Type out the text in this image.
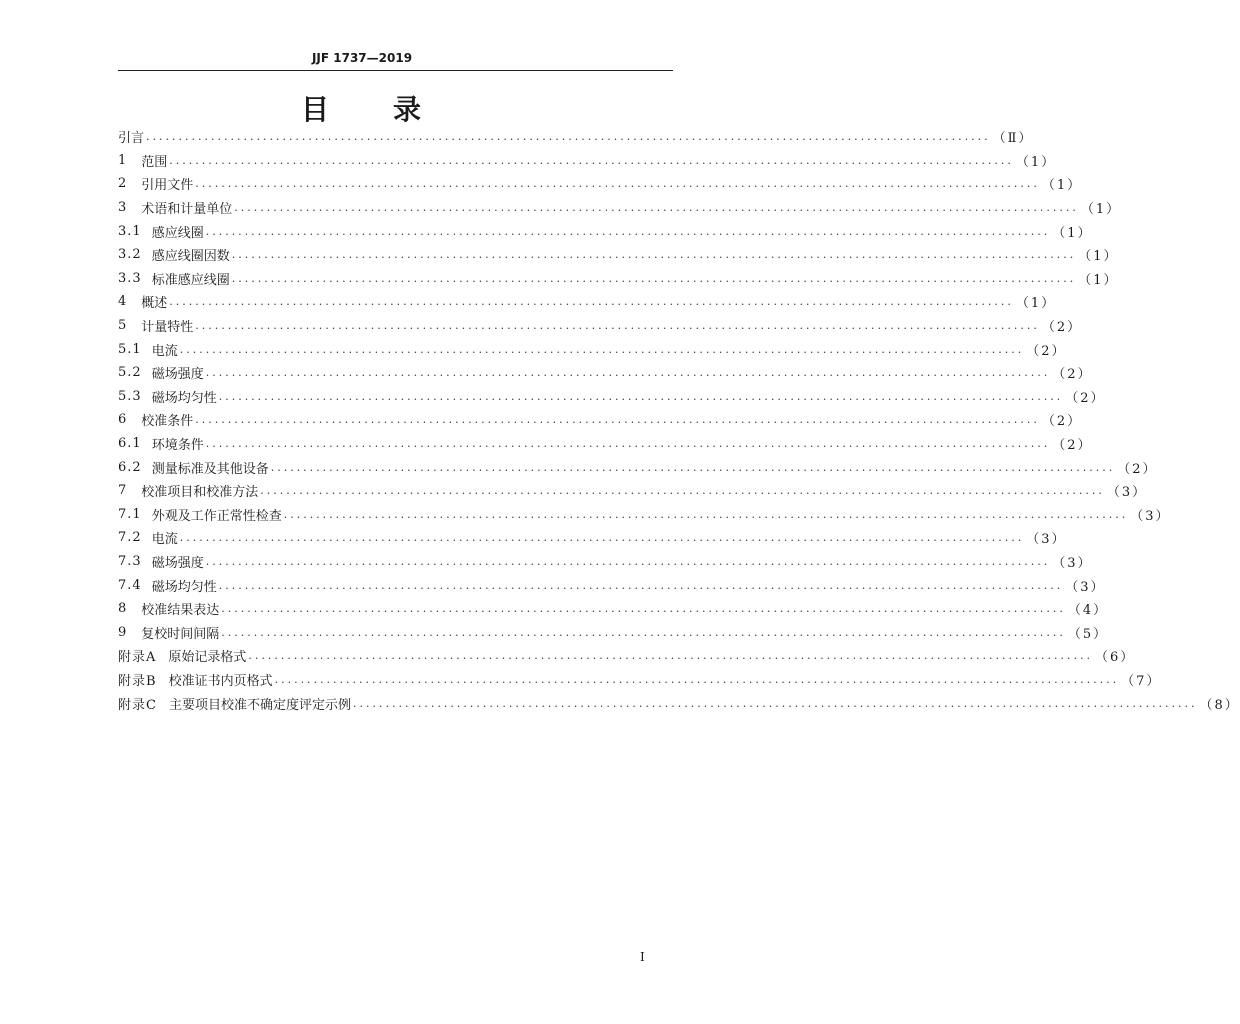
JJF 1737—2019
目 录
引言 .................................................................................................................................. （Ⅱ）
1 范围 .................................................................................................................................. （1）
2 引用文件 .................................................................................................................................. （1）
3 术语和计量单位 .................................................................................................................................. （1）
3.1 感应线圈 .................................................................................................................................. （1）
3.2 感应线圈因数 .................................................................................................................................. （1）
3.3 标准感应线圈 .................................................................................................................................. （1）
4 概述 .................................................................................................................................. （1）
5 计量特性 .................................................................................................................................. （2）
5.1 电流 .................................................................................................................................. （2）
5.2 磁场强度 .................................................................................................................................. （2）
5.3 磁场均匀性 .................................................................................................................................. （2）
6 校准条件 .................................................................................................................................. （2）
6.1 环境条件 .................................................................................................................................. （2）
6.2 测量标准及其他设备 .................................................................................................................................. （2）
7 校准项目和校准方法 .................................................................................................................................. （3）
7.1 外观及工作正常性检查 .................................................................................................................................. （3）
7.2 电流 .................................................................................................................................. （3）
7.3 磁场强度 .................................................................................................................................. （3）
7.4 磁场均匀性 .................................................................................................................................. （3）
8 校准结果表达 .................................................................................................................................. （4）
9 复校时间间隔 .................................................................................................................................. （5）
附录A 原始记录格式 .................................................................................................................................. （6）
附录B 校准证书内页格式 .................................................................................................................................. （7）
附录C 主要项目校准不确定度评定示例 .................................................................................................................................. （8）
I
